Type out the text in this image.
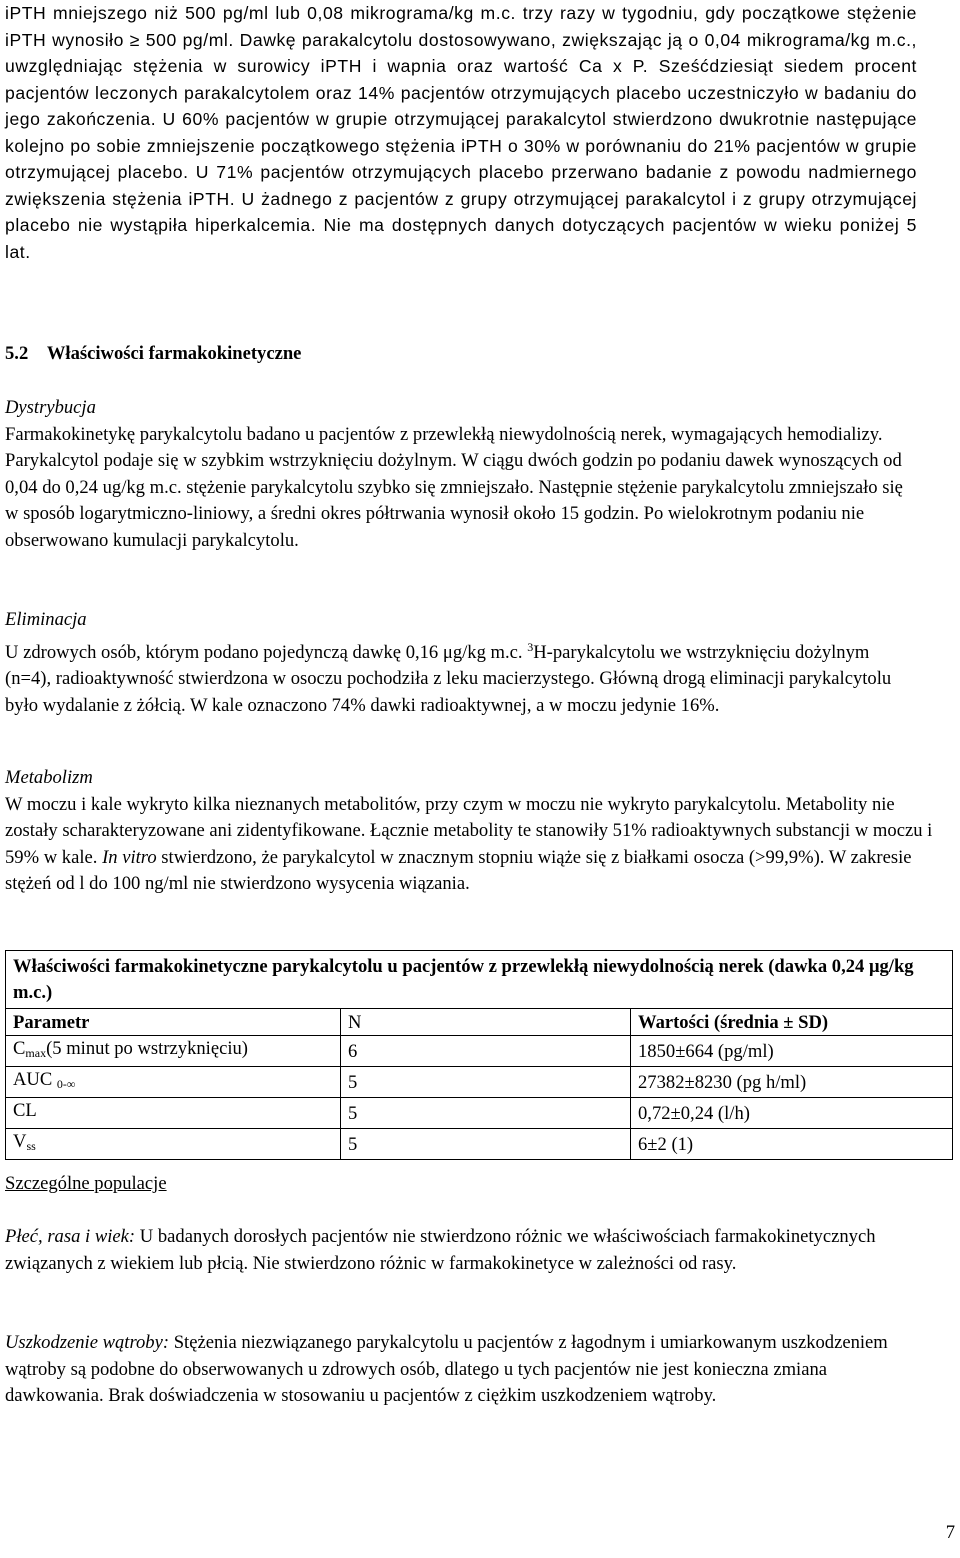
iPTH mniejszego niż 500 pg/ml lub 0,08 mikrograma/kg m.c. trzy razy w tygodniu, gdy początkowe stężenie iPTH wynosiło ≥ 500 pg/ml. Dawkę parakalcytolu dostosowywano, zwiększając ją o 0,04 mikrograma/kg m.c., uwzględniając stężenia w surowicy iPTH i wapnia oraz wartość Ca x P. Sześćdziesiąt siedem procent pacjentów leczonych parakalcytolem oraz 14% pacjentów otrzymujących placebo uczestniczyło w badaniu do jego zakończenia. U 60% pacjentów w grupie otrzymującej parakalcytol stwierdzono dwukrotnie następujące kolejno po sobie zmniejszenie początkowego stężenia iPTH o 30% w porównaniu do 21% pacjentów w grupie otrzymującej placebo. U 71% pacjentów otrzymujących placebo przerwano badanie z powodu nadmiernego zwiększenia stężenia iPTH. U żadnego z pacjentów z grupy otrzymującej parakalcytol i z grupy otrzymującej placebo nie wystąpiła hiperkalcemia. Nie ma dostępnych danych dotyczących pacjentów w wieku poniżej 5 lat.

5.2    Właściwości farmakokinetyczne

Dystrybucja

Farmakokinetykę parykalcytolu badano u pacjentów z przewlekłą niewydolnością nerek, wymagających hemodializy. Parykalcytol podaje się w szybkim wstrzyknięciu dożylnym. W ciągu dwóch godzin po podaniu dawek wynoszących od 0,04 do 0,24 ug/kg m.c. stężenie parykalcytolu szybko się zmniejszało. Następnie stężenie parykalcytolu zmniejszało się w sposób logarytmiczno-liniowy, a średni okres półtrwania wynosił około 15 godzin. Po wielokrotnym podaniu nie obserwowano kumulacji parykalcytolu.

Eliminacja

U zdrowych osób, którym podano pojedynczą dawkę 0,16 μg/kg m.c. $^3$H-parykalcytolu we wstrzyknięciu dożylnym (n=4), radioaktywność stwierdzona w osoczu pochodziła z leku macierzystego. Główną drogą eliminacji parykalcytolu było wydalanie z żółcią. W kale oznaczono 74% dawki radioaktywnej, a w moczu jedynie 16%.

Metabolizm

W moczu i kale wykryto kilka nieznanych metabolitów, przy czym w moczu nie wykryto parykalcytolu. Metabolity nie zostały scharakteryzowane ani zidentyfikowane. Łącznie metabolity te stanowiły 51% radioaktywnych substancji w moczu i 59% w kale. In vitro stwierdzono, że parykalcytol w znacznym stopniu wiąże się z białkami osocza (>99,9%). W zakresie stężeń od l do 100 ng/ml nie stwierdzono wysycenia wiązania.

Właściwości farmakokinetyczne parykalcytolu u pacjentów z przewlekłą niewydolnością nerek (dawka 0,24 μg/kg m.c.)		
Parametr	N	Wartości (średnia ± SD)
$C_{max}(5$ minut po wstrzyknięciu)	6	1850±664 (pg/ml)
AUC $_{0-\infty}$	5	27382±8230 (pg h/ml)
CL	5	0,72±0,24 (l/h)
$V_{ss}$	5	6±2 (1)

Szczególne populacje

Płeć, rasa i wiek: U badanych dorosłych pacjentów nie stwierdzono różnic we właściwościach farmakokinetycznych związanych z wiekiem lub płcią. Nie stwierdzono różnic w farmakokinetyce w zależności od rasy.

Uszkodzenie wątroby: Stężenia niezwiązanego parykalcytolu u pacjentów z łagodnym i umiarkowanym uszkodzeniem wątroby są podobne do obserwowanych u zdrowych osób, dlatego u tych pacjentów nie jest konieczna zmiana dawkowania. Brak doświadczenia w stosowaniu u pacjentów z ciężkim uszkodzeniem wątroby.

7
